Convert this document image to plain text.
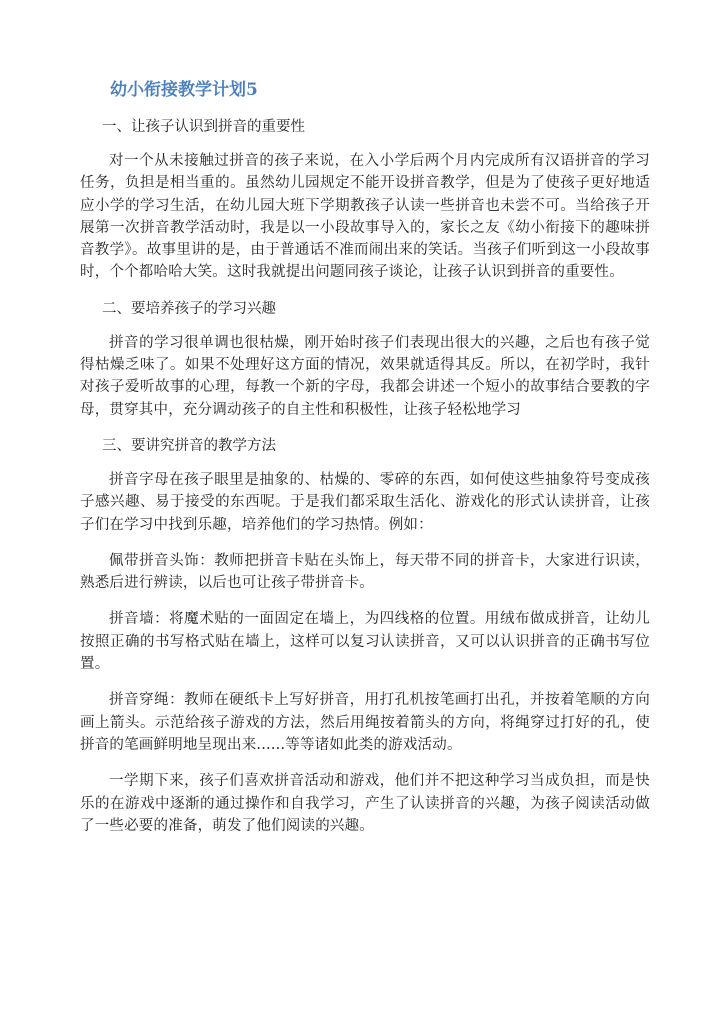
幼小衔接教学计划5
一、让孩子认识到拼音的重要性

对一个从未接触过拼音的孩子来说，在入小学后两个月内完成所有汉语拼音的学习任务，负担是相当重的。虽然幼儿园规定不能开设拼音教学，但是为了使孩子更好地适应小学的学习生活，在幼儿园大班下学期教孩子认读一些拼音也未尝不可。当给孩子开展第一次拼音教学活动时，我是以一小段故事导入的，家长之友《幼小衔接下的趣味拼音教学》。故事里讲的是，由于普通话不准而闹出来的笑话。当孩子们听到这一小段故事时，个个都哈哈大笑。这时我就提出问题同孩子谈论，让孩子认识到拼音的重要性。

二、要培养孩子的学习兴趣

拼音的学习很单调也很枯燥，刚开始时孩子们表现出很大的兴趣，之后也有孩子觉得枯燥乏味了。如果不处理好这方面的情况，效果就适得其反。所以，在初学时，我针对孩子爱听故事的心理，每教一个新的字母，我都会讲述一个短小的故事结合要教的字母，贯穿其中，充分调动孩子的自主性和积极性，让孩子轻松地学习

三、要讲究拼音的教学方法

拼音字母在孩子眼里是抽象的、枯燥的、零碎的东西，如何使这些抽象符号变成孩子感兴趣、易于接受的东西呢。于是我们都采取生活化、游戏化的形式认读拼音，让孩子们在学习中找到乐趣，培养他们的学习热情。例如：

佩带拼音头饰：教师把拼音卡贴在头饰上，每天带不同的拼音卡，大家进行识读，熟悉后进行辨读，以后也可让孩子带拼音卡。

拼音墙：将魔术贴的一面固定在墙上，为四线格的位置。用绒布做成拼音，让幼儿按照正确的书写格式贴在墙上，这样可以复习认读拼音，又可以认识拼音的正确书写位置。

拼音穿绳：教师在硬纸卡上写好拼音，用打孔机按笔画打出孔，并按着笔顺的方向画上箭头。示范给孩子游戏的方法，然后用绳按着箭头的方向，将绳穿过打好的孔，使拼音的笔画鲜明地呈现出来......等等诸如此类的游戏活动。

一学期下来，孩子们喜欢拼音活动和游戏，他们并不把这种学习当成负担，而是快乐的在游戏中逐渐的通过操作和自我学习，产生了认读拼音的兴趣，为孩子阅读活动做了一些必要的准备，萌发了他们阅读的兴趣。
